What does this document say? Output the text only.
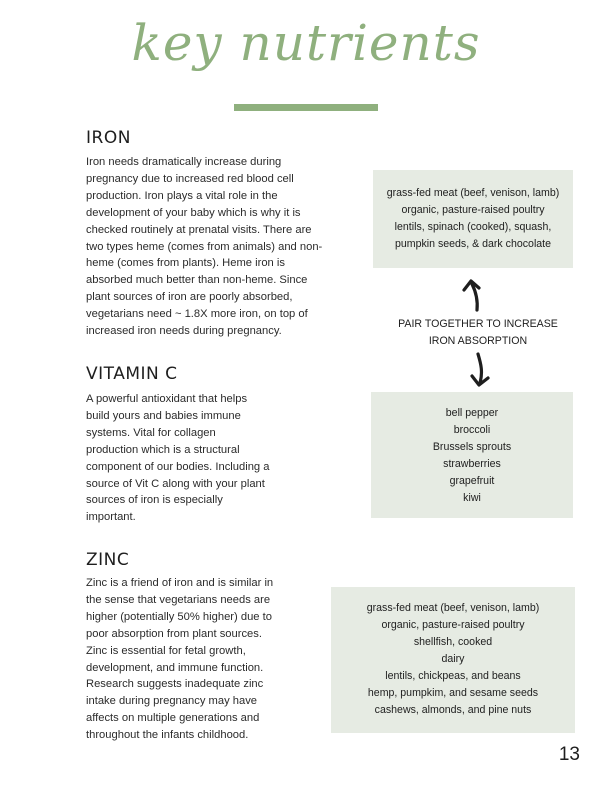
key nutrients
IRON
Iron needs dramatically increase during
pregnancy due to increased red blood cell
production. Iron plays a vital role in the
development of your baby which is why it is
checked routinely at prenatal visits. There are
two types heme (comes from animals) and non-
heme (comes from plants). Heme iron is
absorbed much better than non-heme. Since
plant sources of iron are poorly absorbed,
vegetarians need ~ 1.8X more iron, on top of
increased iron needs during pregnancy.
VITAMIN C
A powerful antioxidant that helps
build yours and babies immune
systems. Vital for collagen
production which is a structural
component of our bodies. Including a
source of Vit C along with your plant
sources of iron is especially
important.
ZINC
Zinc is a friend of iron and is similar in
the sense that vegetarians needs are
higher (potentially 50% higher) due to
poor absorption from plant sources.
Zinc is essential for fetal growth,
development, and immune function.
Research suggests inadequate zinc
intake during pregnancy may have
affects on multiple generations and
throughout the infants childhood.
grass-fed meat (beef, venison, lamb)
organic, pasture-raised poultry
lentils, spinach (cooked), squash,
pumpkin seeds, & dark chocolate
PAIR TOGETHER TO INCREASE
IRON ABSORPTION
bell pepper
broccoli
Brussels sprouts
strawberries
grapefruit
kiwi
grass-fed meat (beef, venison, lamb)
organic, pasture-raised poultry
shellfish, cooked
dairy
lentils, chickpeas, and beans
hemp, pumpkim, and sesame seeds
cashews, almonds, and pine nuts
13
